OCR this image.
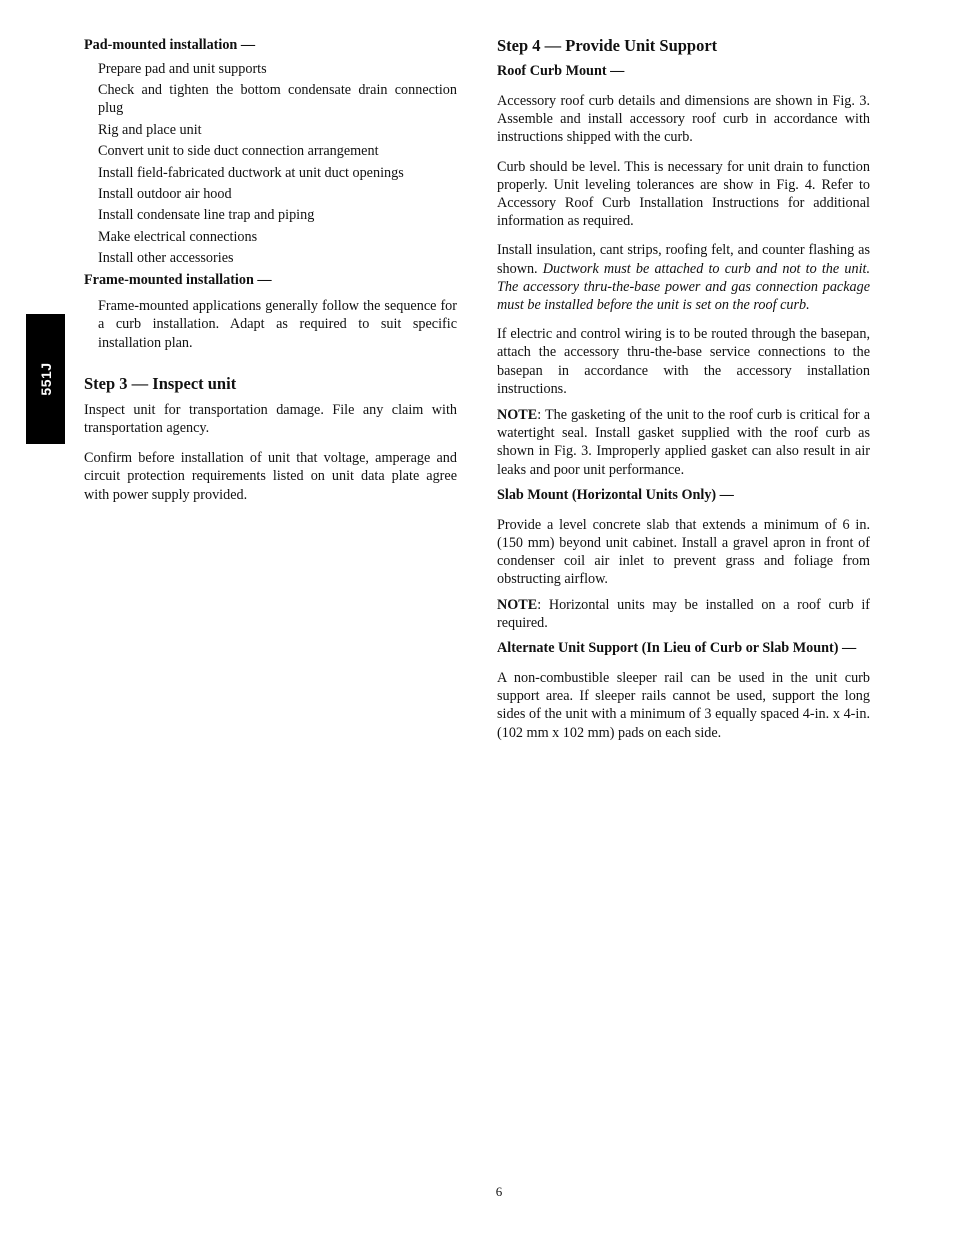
551J
Pad-mounted installation —
Prepare pad and unit supports
Check and tighten the bottom condensate drain connection plug
Rig and place unit
Convert unit to side duct connection arrangement
Install field-fabricated ductwork at unit duct openings
Install outdoor air hood
Install condensate line trap and piping
Make electrical connections
Install other accessories
Frame-mounted installation —

Frame-mounted applications generally follow the sequence for a curb installation. Adapt as required to suit specific installation plan.

Step 3 — Inspect unit

Inspect unit for transportation damage. File any claim with transportation agency.

Confirm before installation of unit that voltage, amperage and circuit protection requirements listed on unit data plate agree with power supply provided.

Step 4 — Provide Unit Support
Roof Curb Mount —

Accessory roof curb details and dimensions are shown in Fig. 3. Assemble and install accessory roof curb in accordance with instructions shipped with the curb.

Curb should be level. This is necessary for unit drain to function properly. Unit leveling tolerances are show in Fig. 4. Refer to Accessory Roof Curb Installation Instructions for additional information as required.

Install insulation, cant strips, roofing felt, and counter flashing as shown. Ductwork must be attached to curb and not to the unit. The accessory thru-the-base power and gas connection package must be installed before the unit is set on the roof curb.

If electric and control wiring is to be routed through the basepan, attach the accessory thru-the-base service connections to the basepan in accordance with the accessory installation instructions.

NOTE: The gasketing of the unit to the roof curb is critical for a watertight seal. Install gasket supplied with the roof curb as shown in Fig. 3. Improperly applied gasket can also result in air leaks and poor unit performance.

Slab Mount (Horizontal Units Only) —

Provide a level concrete slab that extends a minimum of 6 in. (150 mm) beyond unit cabinet. Install a gravel apron in front of condenser coil air inlet to prevent grass and foliage from obstructing airflow.

NOTE: Horizontal units may be installed on a roof curb if required.

Alternate Unit Support (In Lieu of Curb or Slab Mount) —

A non-combustible sleeper rail can be used in the unit curb support area. If sleeper rails cannot be used, support the long sides of the unit with a minimum of 3 equally spaced 4-in. x 4-in. (102 mm x 102 mm) pads on each side.

6
